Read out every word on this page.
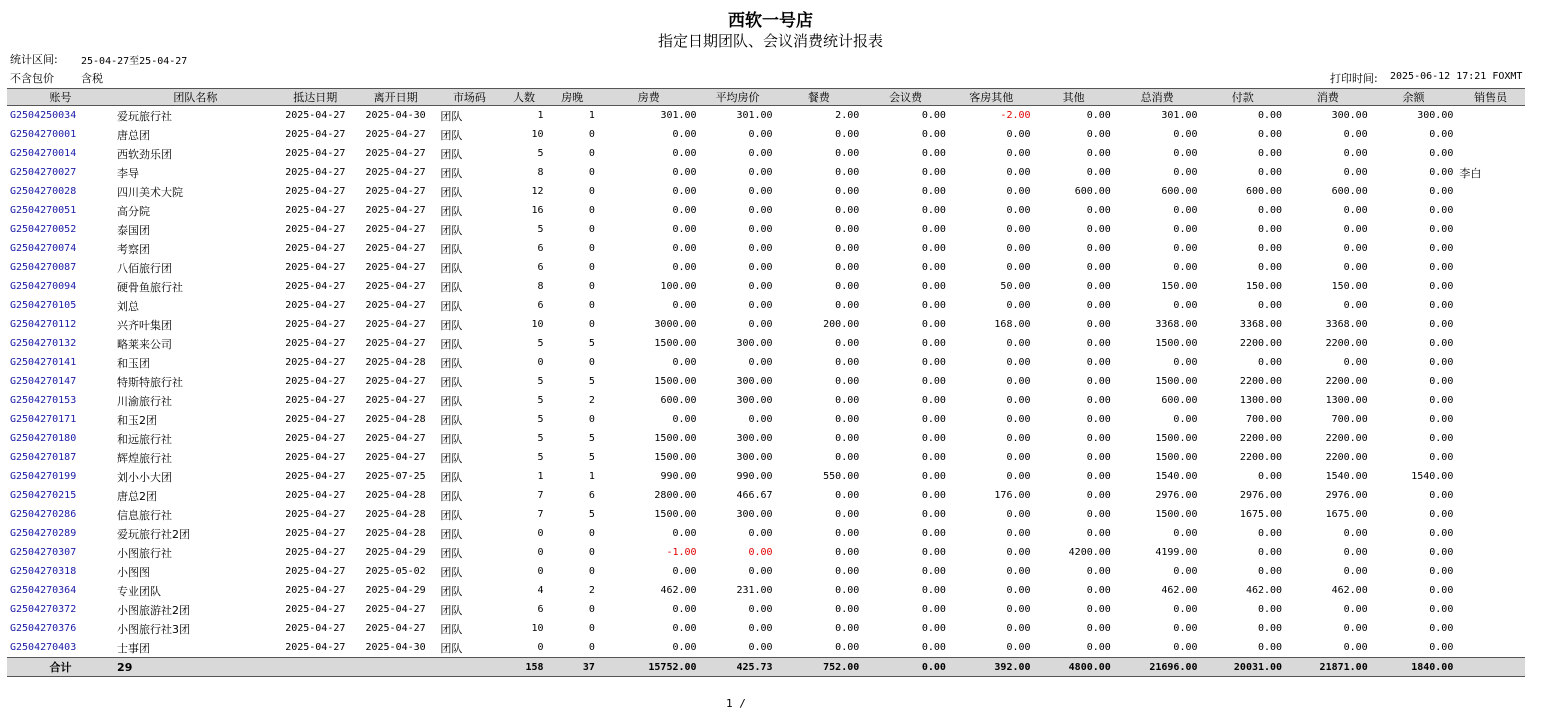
西软一号店
指定日期团队、会议消费统计报表
统计区间: 25-04-27至25-04-27
不含包价 含税	打印时间: 2025-06-12 17:21 FOXMT
账号	团队名称	抵达日期	离开日期	市场码	人数	房晚	房费	平均房价	餐费	会议费	客房其他	其他	总消费	付款	消费	余额	销售员
G2504250034	爱玩旅行社	2025-04-27	2025-04-30	团队	1	1	301.00	301.00	2.00	0.00	-2.00	0.00	301.00	0.00	300.00	300.00	
G2504270001	唐总团	2025-04-27	2025-04-27	团队	10	0	0.00	0.00	0.00	0.00	0.00	0.00	0.00	0.00	0.00	0.00	
G2504270014	西软劲乐团	2025-04-27	2025-04-27	团队	5	0	0.00	0.00	0.00	0.00	0.00	0.00	0.00	0.00	0.00	0.00	
G2504270027	李导	2025-04-27	2025-04-27	团队	8	0	0.00	0.00	0.00	0.00	0.00	0.00	0.00	0.00	0.00	0.00	李白
G2504270028	四川美术大院	2025-04-27	2025-04-27	团队	12	0	0.00	0.00	0.00	0.00	0.00	600.00	600.00	600.00	600.00	0.00	
G2504270051	高分院	2025-04-27	2025-04-27	团队	16	0	0.00	0.00	0.00	0.00	0.00	0.00	0.00	0.00	0.00	0.00	
G2504270052	泰国团	2025-04-27	2025-04-27	团队	5	0	0.00	0.00	0.00	0.00	0.00	0.00	0.00	0.00	0.00	0.00	
G2504270074	考察团	2025-04-27	2025-04-27	团队	6	0	0.00	0.00	0.00	0.00	0.00	0.00	0.00	0.00	0.00	0.00	
G2504270087	八佰旅行团	2025-04-27	2025-04-27	团队	6	0	0.00	0.00	0.00	0.00	0.00	0.00	0.00	0.00	0.00	0.00	
G2504270094	硬骨鱼旅行社	2025-04-27	2025-04-27	团队	8	0	100.00	0.00	0.00	0.00	50.00	0.00	150.00	150.00	150.00	0.00	
G2504270105	刘总	2025-04-27	2025-04-27	团队	6	0	0.00	0.00	0.00	0.00	0.00	0.00	0.00	0.00	0.00	0.00	
G2504270112	兴齐叶集团	2025-04-27	2025-04-27	团队	10	0	3000.00	0.00	200.00	0.00	168.00	0.00	3368.00	3368.00	3368.00	0.00	
G2504270132	略莱来公司	2025-04-27	2025-04-27	团队	5	5	1500.00	300.00	0.00	0.00	0.00	0.00	1500.00	2200.00	2200.00	0.00	
G2504270141	和玉团	2025-04-27	2025-04-28	团队	0	0	0.00	0.00	0.00	0.00	0.00	0.00	0.00	0.00	0.00	0.00	
G2504270147	特斯特旅行社	2025-04-27	2025-04-27	团队	5	5	1500.00	300.00	0.00	0.00	0.00	0.00	1500.00	2200.00	2200.00	0.00	
G2504270153	川渝旅行社	2025-04-27	2025-04-27	团队	5	2	600.00	300.00	0.00	0.00	0.00	0.00	600.00	1300.00	1300.00	0.00	
G2504270171	和玉2团	2025-04-27	2025-04-28	团队	5	0	0.00	0.00	0.00	0.00	0.00	0.00	0.00	700.00	700.00	0.00	
G2504270180	和远旅行社	2025-04-27	2025-04-27	团队	5	5	1500.00	300.00	0.00	0.00	0.00	0.00	1500.00	2200.00	2200.00	0.00	
G2504270187	辉煌旅行社	2025-04-27	2025-04-27	团队	5	5	1500.00	300.00	0.00	0.00	0.00	0.00	1500.00	2200.00	2200.00	0.00	
G2504270199	刘小小大团	2025-04-27	2025-07-25	团队	1	1	990.00	990.00	550.00	0.00	0.00	0.00	1540.00	0.00	1540.00	1540.00	
G2504270215	唐总2团	2025-04-27	2025-04-28	团队	7	6	2800.00	466.67	0.00	0.00	176.00	0.00	2976.00	2976.00	2976.00	0.00	
G2504270286	信息旅行社	2025-04-27	2025-04-28	团队	7	5	1500.00	300.00	0.00	0.00	0.00	0.00	1500.00	1675.00	1675.00	0.00	
G2504270289	爱玩旅行社2团	2025-04-27	2025-04-28	团队	0	0	0.00	0.00	0.00	0.00	0.00	0.00	0.00	0.00	0.00	0.00	
G2504270307	小图旅行社	2025-04-27	2025-04-29	团队	0	0	-1.00	0.00	0.00	0.00	0.00	4200.00	4199.00	0.00	0.00	0.00	
G2504270318	小图图	2025-04-27	2025-05-02	团队	0	0	0.00	0.00	0.00	0.00	0.00	0.00	0.00	0.00	0.00	0.00	
G2504270364	专业团队	2025-04-27	2025-04-29	团队	4	2	462.00	231.00	0.00	0.00	0.00	0.00	462.00	462.00	462.00	0.00	
G2504270372	小图旅游社2团	2025-04-27	2025-04-27	团队	6	0	0.00	0.00	0.00	0.00	0.00	0.00	0.00	0.00	0.00	0.00	
G2504270376	小图旅行社3团	2025-04-27	2025-04-27	团队	10	0	0.00	0.00	0.00	0.00	0.00	0.00	0.00	0.00	0.00	0.00	
G2504270403	士事团	2025-04-27	2025-04-30	团队	0	0	0.00	0.00	0.00	0.00	0.00	0.00	0.00	0.00	0.00	0.00	
合计	29				158	37	15752.00	425.73	752.00	0.00	392.00	4800.00	21696.00	20031.00	21871.00	1840.00	
1 /
